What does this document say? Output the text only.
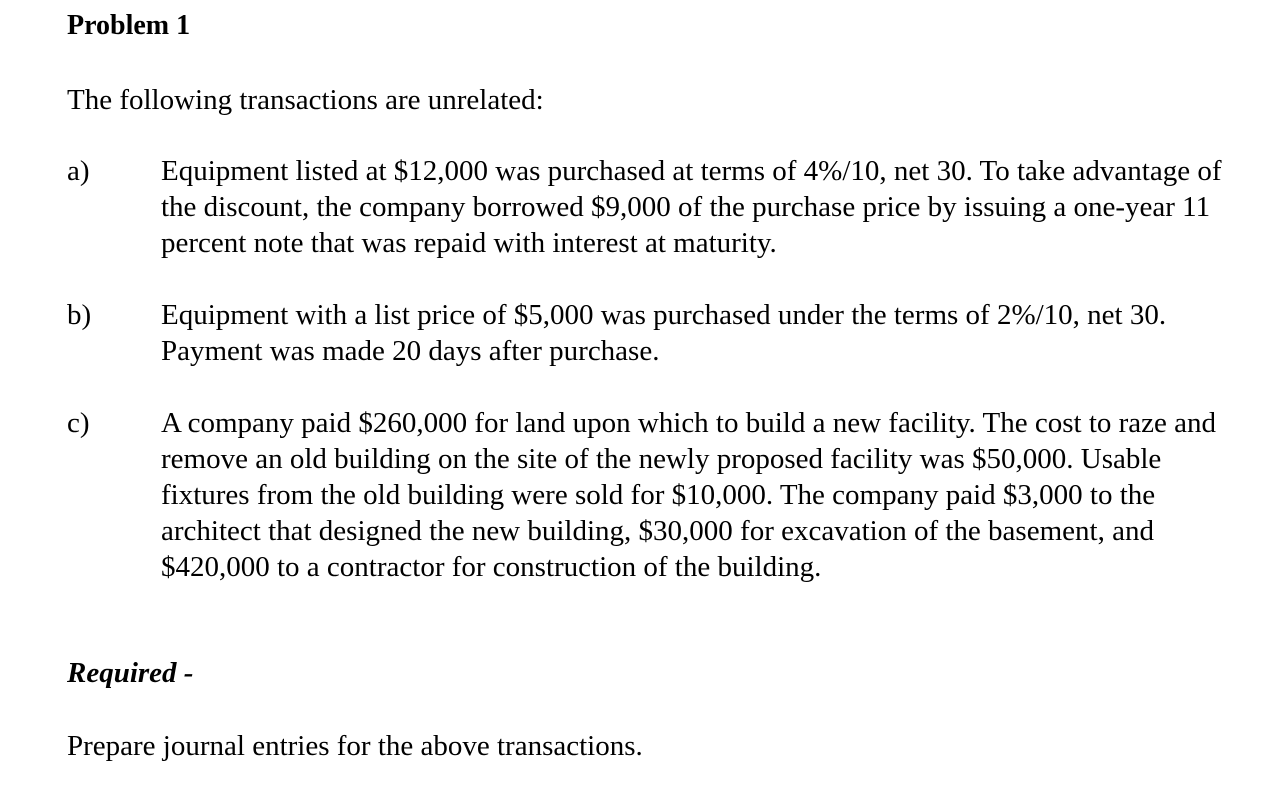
Problem 1

The following transactions are unrelated:

a) Equipment listed at $12,000 was purchased at terms of 4%/10, net 30. To take advantage of the discount, the company borrowed $9,000 of the purchase price by issuing a one-year 11 percent note that was repaid with interest at maturity.

b) Equipment with a list price of $5,000 was purchased under the terms of 2%/10, net 30. Payment was made 20 days after purchase.

c) A company paid $260,000 for land upon which to build a new facility. The cost to raze and remove an old building on the site of the newly proposed facility was $50,000. Usable fixtures from the old building were sold for $10,000. The company paid $3,000 to the architect that designed the new building, $30,000 for excavation of the basement, and $420,000 to a contractor for construction of the building.

Required -

Prepare journal entries for the above transactions.
